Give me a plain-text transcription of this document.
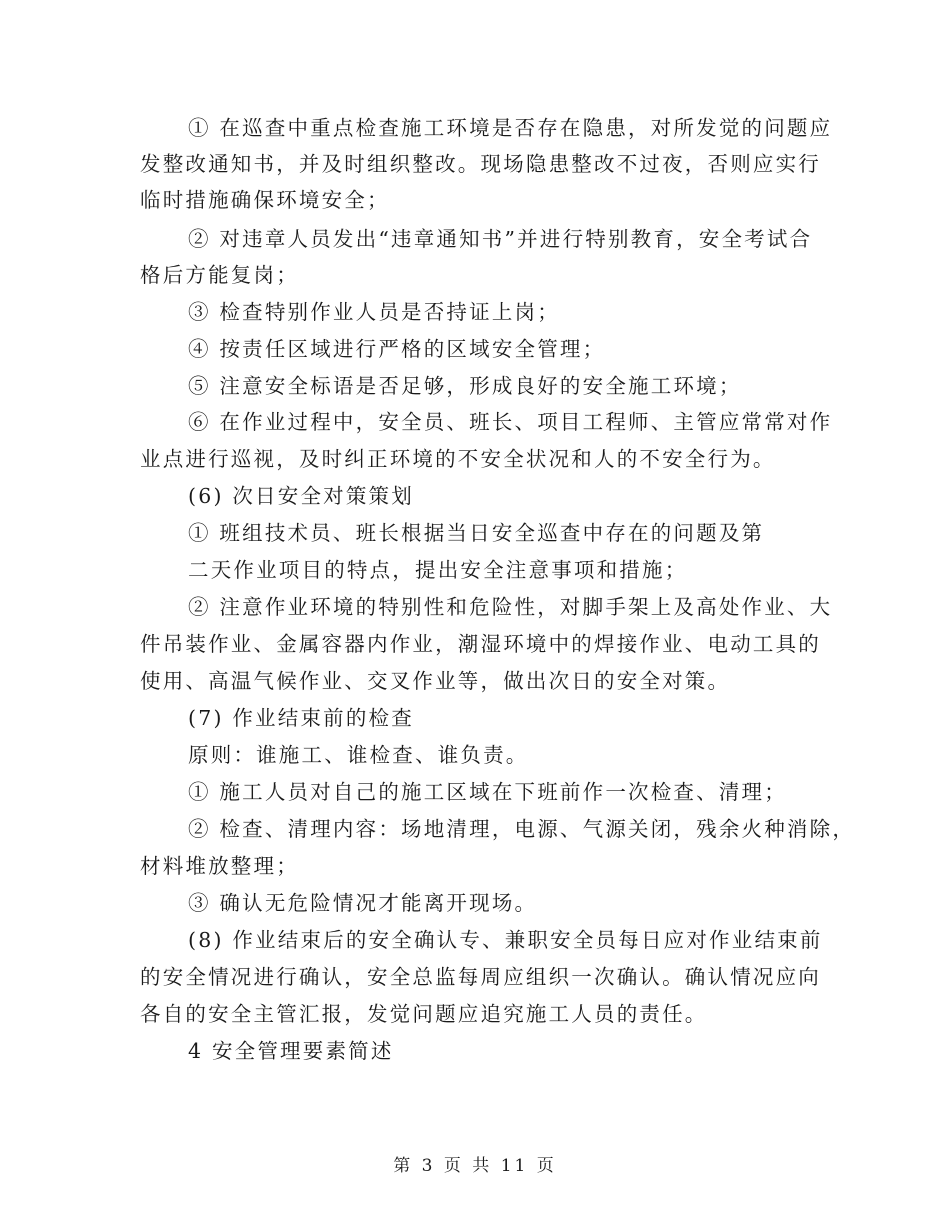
① 在巡查中重点检查施工环境是否存在隐患，对所发觉的问题应
发整改通知书，并及时组织整改。现场隐患整改不过夜，否则应实行
临时措施确保环境安全；
② 对违章人员发出“违章通知书”并进行特别教育，安全考试合
格后方能复岗；
③ 检查特别作业人员是否持证上岗；
④ 按责任区域进行严格的区域安全管理；
⑤ 注意安全标语是否足够，形成良好的安全施工环境；
⑥ 在作业过程中，安全员、班长、项目工程师、主管应常常对作
业点进行巡视，及时纠正环境的不安全状况和人的不安全行为。
(6) 次日安全对策策划
① 班组技术员、班长根据当日安全巡查中存在的问题及第
二天作业项目的特点，提出安全注意事项和措施；
② 注意作业环境的特别性和危险性，对脚手架上及高处作业、大
件吊装作业、金属容器内作业，潮湿环境中的焊接作业、电动工具的
使用、高温气候作业、交叉作业等，做出次日的安全对策。
(7) 作业结束前的检查
原则：谁施工、谁检查、谁负责。
① 施工人员对自己的施工区域在下班前作一次检查、清理；
② 检查、清理内容：场地清理，电源、气源关闭，残余火种消除，
材料堆放整理；
③ 确认无危险情况才能离开现场。
(8) 作业结束后的安全确认专、兼职安全员每日应对作业结束前
的安全情况进行确认，安全总监每周应组织一次确认。确认情况应向
各自的安全主管汇报，发觉问题应追究施工人员的责任。
4 安全管理要素简述
第 3 页 共 11 页
